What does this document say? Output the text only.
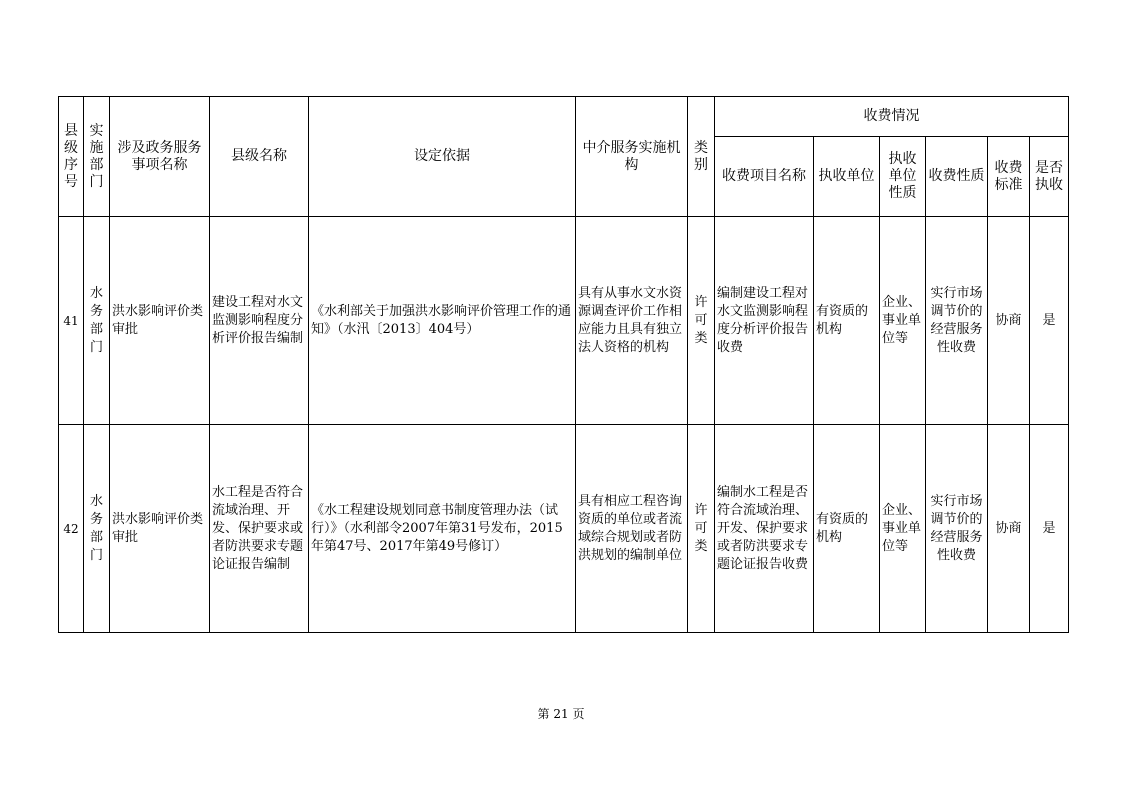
县级序号	实施部门	涉及政务服务事项名称	县级名称	设定依据	中介服务实施机构	类别	收费情况					
							收费项目名称	执收单位	执收单位性质	收费性质	收费标准	是否执收
41	水务部门	洪水影响评价类审批	建设工程对水文监测影响程度分析评价报告编制	《水利部关于加强洪水影响评价管理工作的通知》（水汛〔2013〕404号）	具有从事水文水资源调查评价工作相应能力且具有独立法人资格的机构	许可类	编制建设工程对水文监测影响程度分析评价报告收费	有资质的机构	企业、事业单位等	实行市场调节价的经营服务性收费	协商	是
42	水务部门	洪水影响评价类审批	水工程是否符合流域治理、开发、保护要求或者防洪要求专题论证报告编制	《水工程建设规划同意书制度管理办法（试行）》（水利部令2007年第31号发布，2015年第47号、2017年第49号修订）	具有相应工程咨询资质的单位或者流域综合规划或者防洪规划的编制单位	许可类	编制水工程是否符合流域治理、开发、保护要求或者防洪要求专题论证报告收费	有资质的机构	企业、事业单位等	实行市场调节价的经营服务性收费	协商	是
第 21 页
